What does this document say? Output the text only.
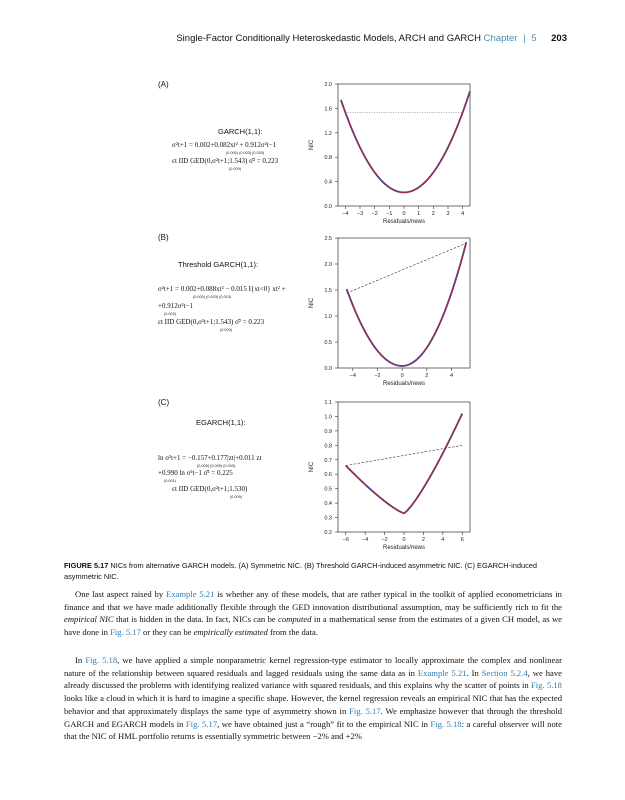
Single-Factor Conditionally Heteroskedastic Models, ARCH and GARCH Chapter | 5 203
(A)
GARCH(1,1):
σ²t+1 = 0.002+0.082xt² + 0.912σ²t−1
(0.000) (0.003) (0.003)
εt IID GED(0,σ²t+1;1.543) σ̄² = 0.223
(0.009)
(B)
Threshold GARCH(1,1):
σ²t+1 = 0.002+0.088xt² − 0.015 I{xt<0} xt² +
(0.000) (0.003) (0.013)
+0.912σ²t−1
(0.003)
εt IID GED(0,σ²t+1;1.543) σ̄² = 0.223
(0.009)
(C)
EGARCH(1,1):
ln σ²t+1 = −0.157+0.177|zt|+0.011 zt
(0.005) (0.005) (0.003)
+0.990 ln σ²t−1 σ̄² = 0.225
(0.001)
εt IID GED(0,σ²t+1;1.530)
(0.009)
0.0
0.4
0.8
1.2
1.6
2.0
−4 −3 −2 −1 0 1 2 3 4
Residuals/news
NIC
0.0
0.5
1.0
1.5
2.0
2.5
−4	−2	0	2	4
Residuals/news
NIC
0.2
0.3
0.4
0.5
0.6
0.7
0.8
0.9
1.0
1.1
−6 −4 −2	0	2	4	6
Residuals/news
NIC
FIGURE 5.17 NICs from alternative GARCH models. (A) Symmetric NIC. (B) Threshold GARCH-induced asymmetric NIC. (C) EGARCH-induced asymmetric NIC.

One last aspect raised by Example 5.21 is whether any of these models, that are rather typical in the toolkit of applied econometricians in finance and that we have made additionally flexible through the GED innovation distributional assumption, may be sufficiently rich to fit the empirical NIC that is hidden in the data. In fact, NICs can be computed in a mathematical sense from the estimates of a given CH model, as we have done in Fig. 5.17 or they can be empirically estimated from the data.

In Fig. 5.18, we have applied a simple nonparametric kernel regression-type estimator to locally approximate the complex and nonlinear nature of the relationship between squared residuals and lagged residuals using the same data as in Example 5.21. In Section 5.2.4, we have already discussed the problems with identifying realized variance with squared residuals, and this explains why the scatter of points in Fig. 5.18 looks like a cloud in which it is hard to imagine a specific shape. However, the kernel regression reveals an empirical NIC that has the expected behavior and that approximately displays the same type of asymmetry shown in Fig. 5.17. We emphasize however that through the threshold GARCH and EGARCH models in Fig. 5.17, we have obtained just a “rough” fit to the empirical NIC in Fig. 5.18: a careful observer will note that the NIC of HML portfolio returns is essentially symmetric between −2% and +2%
